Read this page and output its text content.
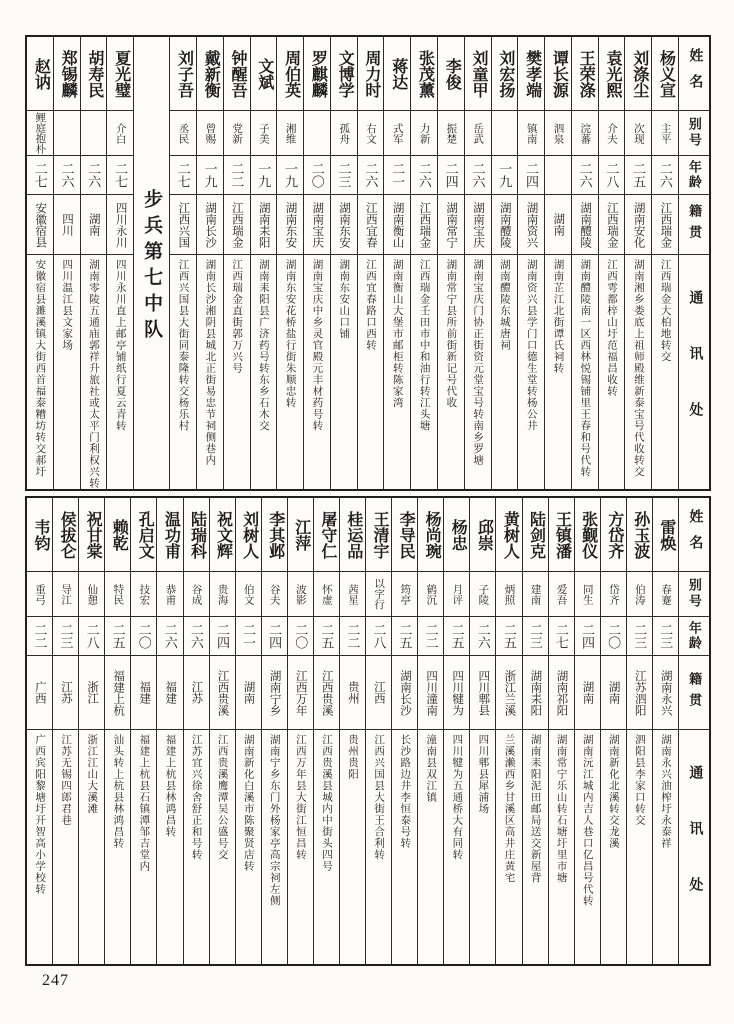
姓名
别号
年龄
籍贯
通讯处
杨义宣
主平
二六
江西瑞金
江西瑞金大柏地转交
刘涤尘
次现
二五
湖南安化
湖南湘乡娄底上祖师殿维新泰宝号代收转交
袁光熙
介夫
二八
江西瑞金
江西雩都梓山圩范福昌收转
王荣涤
浣蕃
二六
湖南醴陵
湖南醴陵南一区西林悦锡铺里王春和号代转
谭长源
泗泉
湖南
湖南芷江北街谭氏祠转
樊孝端
镇南
二四
湖南资兴
湖南资兴县学门口德生堂转杨公井
刘宏扬
一九
湖南醴陵
湖南醴陵东城唐祠
刘童甲
岳武
二六
湖南宝庆
湖南宝庆门协正街资元堂宝号转南乡罗塘
李俊
振楚
二四
湖南常宁
湖南常宁县所前街新记号代收
张茂薰
力新
二六
江西瑞金
江西瑞金壬田市中和油行转江头塘
蒋达
式军
二一
湖南衡山
湖南衡山大堡市邮柜转陈家湾
周力时
右文
二六
江西宜春
江西宜春路口西转
文博学
孤舟
二三
湖南东安
湖南东安山口铺
罗麒麟
二〇
湖南宝庆
湖南宝庆中乡灵官殿元丰材药号转
周伯英
湘维
一九
湖南东安
湖南东安花桥盐行街朱顺忠转
文斌
子美
一九
湖南耒阳
湖南耒阳县广济药号转东乡石木交
钟醒吾
党新
二二
江西瑞金
江西瑞金直街郭万兴号
戴新衡
曾赐
一九
湖南长沙
湖南长沙湘阴县城北正街易忠节祠侧巷内
刘子吾
丞民
二七
江西兴国
江西兴国县大街同泰隆转交杨乐村
步兵第七中队
夏光璧
介白
二七
四川永川
四川永川直上邮亭铺纸行夏云青转
胡寿民
二六
湖南
湖南零陵五通庙郭祥升旅社或太平门利权兴转
郑锡麟
二六
四川
四川温江县文家场
赵讷
鲤庭抱朴
二七
安徽宿县
安徽宿县濉溪镇大街西首福泰糟坊转交郝圩
姓名
别号
年龄
籍贯
通讯处
雷焕
春蹇
二三
湖南永兴
湖南永兴油榨圩永泰祥
孙玉波
伯涛
二三
江苏泗阳
泗阳县李家口转交
方岱齐
岱齐
二〇
湖南
湖南新化北溪转交龙溪
张觐仪
同生
二四
湖南
湖南沅江城内吉人巷口亿昌号代转
王镇潘
爱吾
二七
湖南祁阳
湖南常宁乐山转石塘圩里市塘
陆剑克
建南
二三
湖南耒阳
湖南耒阳泥田邮局送交新屋背
黄树人
炳照
二五
浙江兰溪
兰溪濑西乡甘溪区高井庄黄宅
邱崇
子陵
二六
四川郫县
四川郫县犀浦场
杨忠
月评
二五
四川犍为
四川犍为五通桥大有同转
杨尚琬
鹤沉
二二
四川潼南
潼南县双江镇
李导民
筠亭
二五
湖南长沙
长沙路边井李恒泰号转
王清宇
以字行
二八
江西
江西兴国县大街王合利转
桂运品
茜星
二二
贵州
贵州贵阳
屠守仁
怀虚
二五
江西贵溪
江西贵溪县城内中街头四号
江萍
波影
二〇
江西万年
江西万年县大街江恒昌转
李其邺
谷夫
二四
湖南宁乡
湖南宁乡东门外杨家亭高宗祠左侧
刘树人
伯文
二一
湖南
湖南新化白溪市陈聚贤店转
祝文辉
贵海
二四
江西贵溪
江西贵溪鹰潭吴公盛号交
陆瑞科
谷成
二六
江苏
江苏宜兴徐舍舒正和号转
温功甫
恭甫
二六
福建
福建上杭县林鸿昌转
孔启文
技宏
二〇
福建
福建上杭县石镇潭邹吉堂内
赖乾
特民
二五
福建上杭
汕头转上杭县林鸿昌转
祝甘棠
仙憩
二八
浙江
浙江江山大溪滩
侯拔仑
导江
二三
江苏
江苏无锡四郎君巷
韦钧
重弓
二二
广西
广西宾阳黎塘圩开智高小学校转
247
